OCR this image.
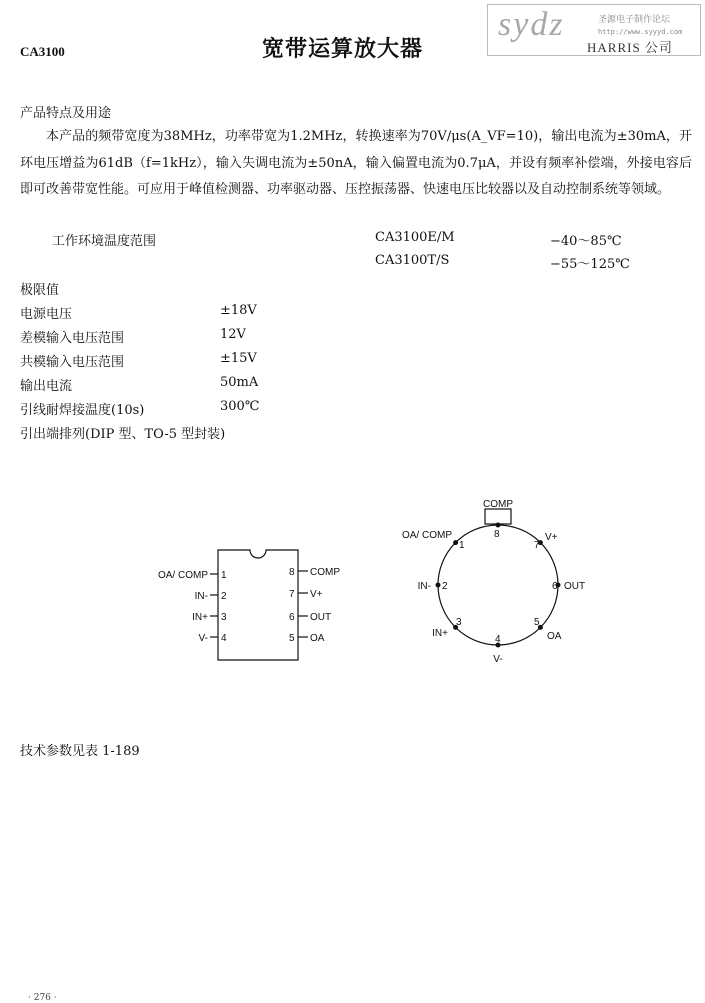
CA3100	宽带运算放大器
sydz	圣源电子制作论坛
http://www.syyyd.com
HARRIS 公司
产品特点及用途

本产品的频带宽度为38MHz，功率带宽为1.2MHz，转换速率为70V/μs(A_VF=10)，输出电流为±30mA，开环电压增益为61dB（f=1kHz），输入失调电流为±50nA，输入偏置电流为0.7μA，并设有频率补偿端，外接电容后即可改善带宽性能。可应用于峰值检测器、功率驱动器、压控振荡器、快速电压比较器以及自动控制系统等领域。

工作环境温度范围	CA3100E/M	−40～85℃
CA3100T/S	−55～125℃
极限值
电源电压	±18V
差模输入电压范围	12V
共模输入电压范围	±15V
输出电流	50mA
引线耐焊接温度(10s)	300℃
引出端排列(DIP 型、TO-5 型封装)
OA/ COMP 1
IN- 2
IN+ 3
V- 4
COMP
8
V+
7
OUT
6
OA
5
COMP
8
OA/ COMP
1
IN- 2
IN+
3
V-
4	OA
5
OUT
6
V+
7
技术参数见表 1-189
· 276 ·
